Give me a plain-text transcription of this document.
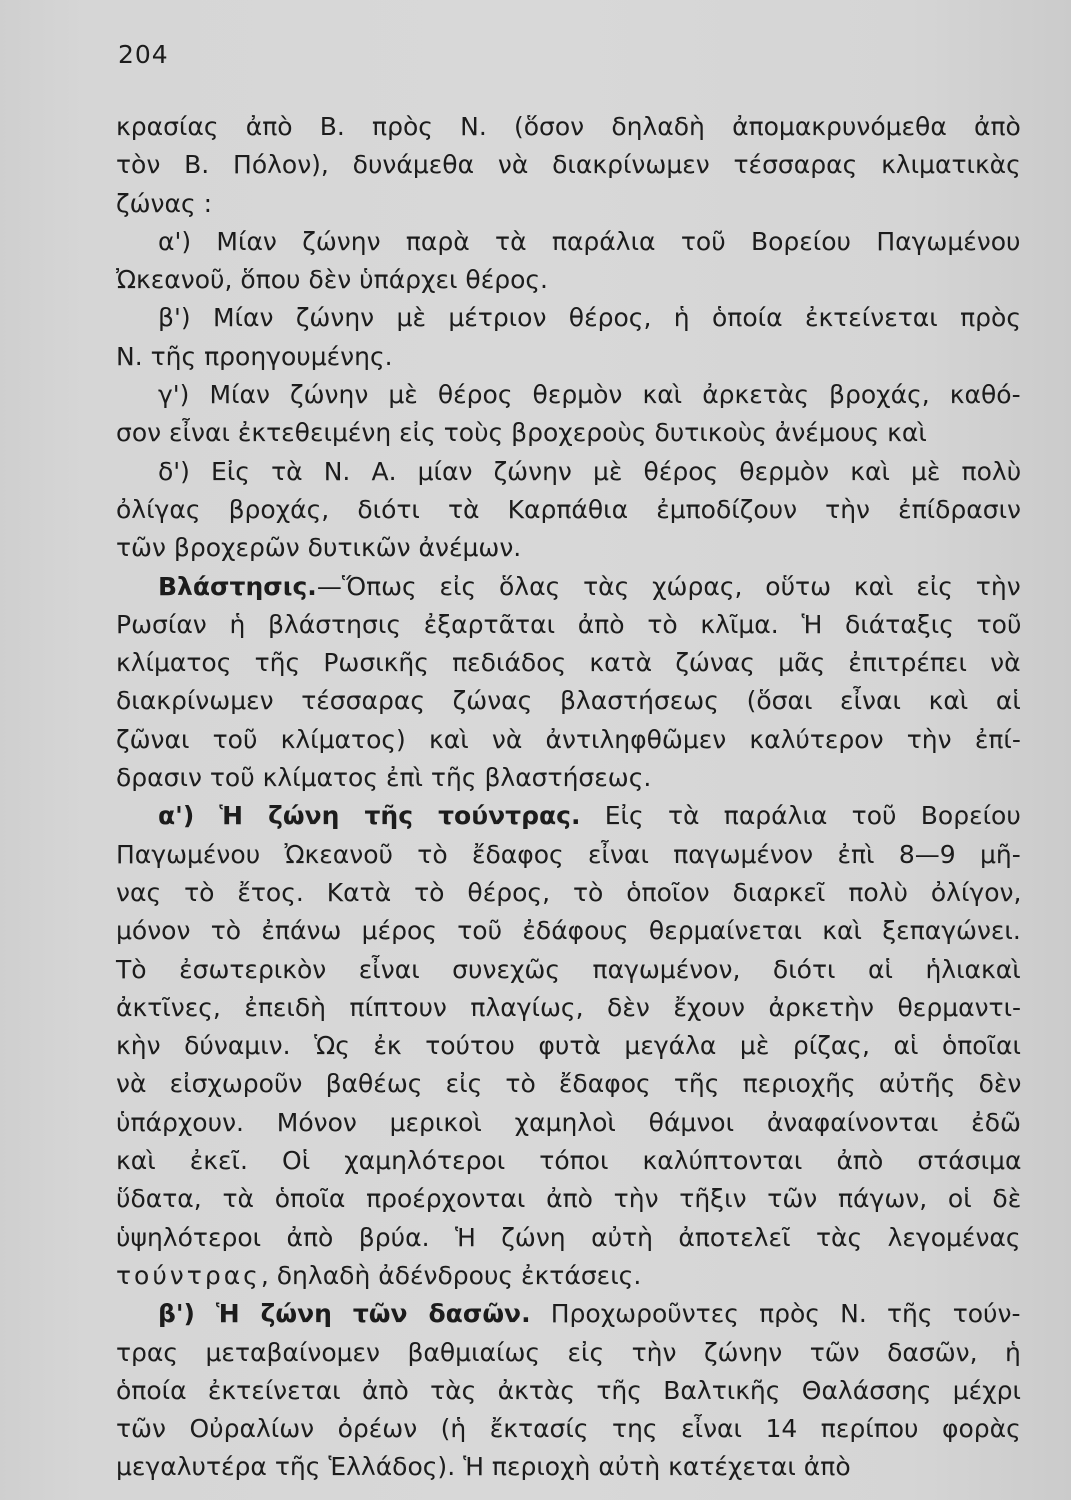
204

κρασίας ἀπὸ Β. πρὸς Ν. (ὅσον δηλαδὴ ἀπομακρυνόμεθα ἀπὸ
τὸν Β. Πόλον), δυνάμεθα νὰ διακρίνωμεν τέσσαρας κλιματικὰς
ζώνας :

α') Μίαν ζώνην παρὰ τὰ παράλια τοῦ Βορείου Παγωμένου
Ὠκεανοῦ, ὅπου δὲν ὑπάρχει θέρος.

β') Μίαν ζώνην μὲ μέτριον θέρος, ἡ ὁποία ἐκτείνεται πρὸς
Ν. τῆς προηγουμένης.

γ') Μίαν ζώνην μὲ θέρος θερμὸν καὶ ἀρκετὰς βροχάς, καθό-
σον εἶναι ἐκτεθειμένη εἰς τοὺς βροχεροὺς δυτικοὺς ἀνέμους καὶ

δ') Εἰς τὰ Ν. Α. μίαν ζώνην μὲ θέρος θερμὸν καὶ μὲ πολὺ
ὀλίγας βροχάς, διότι τὰ Καρπάθια ἐμποδίζουν τὴν ἐπίδρασιν
τῶν βροχερῶν δυτικῶν ἀνέμων.

Βλάστησις.—Ὅπως εἰς ὅλας τὰς χώρας, οὕτω καὶ εἰς τὴν
Ρωσίαν ἡ βλάστησις ἐξαρτᾶται ἀπὸ τὸ κλῖμα. Ἡ διάταξις τοῦ
κλίματος τῆς Ρωσικῆς πεδιάδος κατὰ ζώνας μᾶς ἐπιτρέπει νὰ
διακρίνωμεν τέσσαρας ζώνας βλαστήσεως (ὅσαι εἶναι καὶ αἱ
ζῶναι τοῦ κλίματος) καὶ νὰ ἀντιληφθῶμεν καλύτερον τὴν ἐπί-
δρασιν τοῦ κλίματος ἐπὶ τῆς βλαστήσεως.

α') Ἡ ζώνη τῆς τούντρας. Εἰς τὰ παράλια τοῦ Βορείου
Παγωμένου Ὠκεανοῦ τὸ ἔδαφος εἶναι παγωμένον ἐπὶ 8—9 μῆ-
νας τὸ ἔτος. Κατὰ τὸ θέρος, τὸ ὁποῖον διαρκεῖ πολὺ ὀλίγον,
μόνον τὸ ἐπάνω μέρος τοῦ ἐδάφους θερμαίνεται καὶ ξεπαγώνει.
Τὸ ἐσωτερικὸν εἶναι συνεχῶς παγωμένον, διότι αἱ ἡλιακαὶ
ἀκτῖνες, ἐπειδὴ πίπτουν πλαγίως, δὲν ἔχουν ἀρκετὴν θερμαντι-
κὴν δύναμιν. Ὡς ἐκ τούτου φυτὰ μεγάλα μὲ ρίζας, αἱ ὁποῖαι
νὰ εἰσχωροῦν βαθέως εἰς τὸ ἔδαφος τῆς περιοχῆς αὐτῆς δὲν
ὑπάρχουν. Μόνον μερικοὶ χαμηλοὶ θάμνοι ἀναφαίνονται ἐδῶ
καὶ ἐκεῖ. Οἱ χαμηλότεροι τόποι καλύπτονται ἀπὸ στάσιμα
ὕδατα, τὰ ὁποῖα προέρχονται ἀπὸ τὴν τῆξιν τῶν πάγων, οἱ δὲ
ὑψηλότεροι ἀπὸ βρύα. Ἡ ζώνη αὐτὴ ἀποτελεῖ τὰς λεγομένας
τούντρας, δηλαδὴ ἀδένδρους ἐκτάσεις.

β') Ἡ ζώνη τῶν δασῶν. Προχωροῦντες πρὸς Ν. τῆς τούν-
τρας μεταβαίνομεν βαθμιαίως εἰς τὴν ζώνην τῶν δασῶν, ἡ
ὁποία ἐκτείνεται ἀπὸ τὰς ἀκτὰς τῆς Βαλτικῆς Θαλάσσης μέχρι
τῶν Οὐραλίων ὀρέων (ἡ ἔκτασίς της εἶναι 14 περίπου φορὰς
μεγαλυτέρα τῆς Ἑλλάδος). Ἡ περιοχὴ αὐτὴ κατέχεται ἀπὸ
